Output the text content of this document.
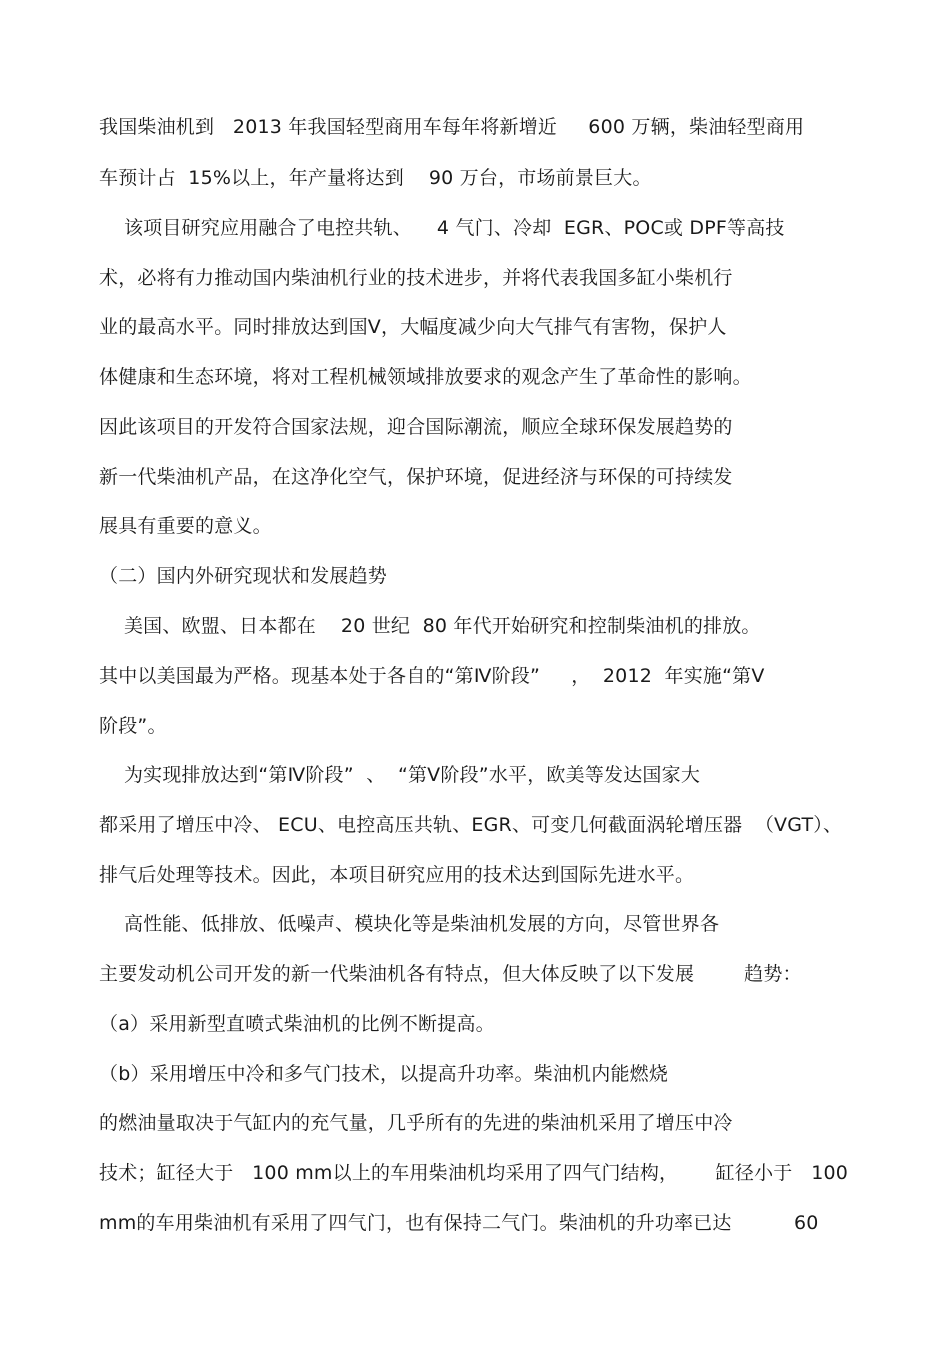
我国柴油机到   2013 年我国轻型商用车每年将新增近     600 万辆，柴油轻型商用
车预计占  15%以上，年产量将达到    90 万台，市场前景巨大。
该项目研究应用融合了电控共轨、    4 气门、冷却  EGR、POC或 DPF等高技
术，必将有力推动国内柴油机行业的技术进步，并将代表我国多缸小柴机行
业的最高水平。同时排放达到国Ⅴ，大幅度减少向大气排气有害物，保护人
体健康和生态环境，将对工程机械领域排放要求的观念产生了革命性的影响。
因此该项目的开发符合国家法规，迎合国际潮流，顺应全球环保发展趋势的
新一代柴油机产品，在这净化空气，保护环境，促进经济与环保的可持续发
展具有重要的意义。
（二）国内外研究现状和发展趋势
美国、欧盟、日本都在    20 世纪  80 年代开始研究和控制柴油机的排放。
其中以美国最为严格。现基本处于各自的“第Ⅳ阶段”     ，  2012  年实施“第Ⅴ
阶段”。
为实现排放达到“第Ⅳ阶段”  、  “第Ⅴ阶段”水平，欧美等发达国家大
都采用了增压中冷、 ECU、电控高压共轨、EGR、可变几何截面涡轮增压器  （VGT）、
排气后处理等技术。因此，本项目研究应用的技术达到国际先进水平。
高性能、低排放、低噪声、模块化等是柴油机发展的方向，尽管世界各
主要发动机公司开发的新一代柴油机各有特点，但大体反映了以下发展        趋势：
（a）采用新型直喷式柴油机的比例不断提高。
（b）采用增压中冷和多气门技术，以提高升功率。柴油机内能燃烧
的燃油量取决于气缸内的充气量，几乎所有的先进的柴油机采用了增压中冷
技术；缸径大于   100 mm以上的车用柴油机均采用了四气门结构，      缸径小于   100
mm的车用柴油机有采用了四气门，也有保持二气门。柴油机的升功率已达          60
